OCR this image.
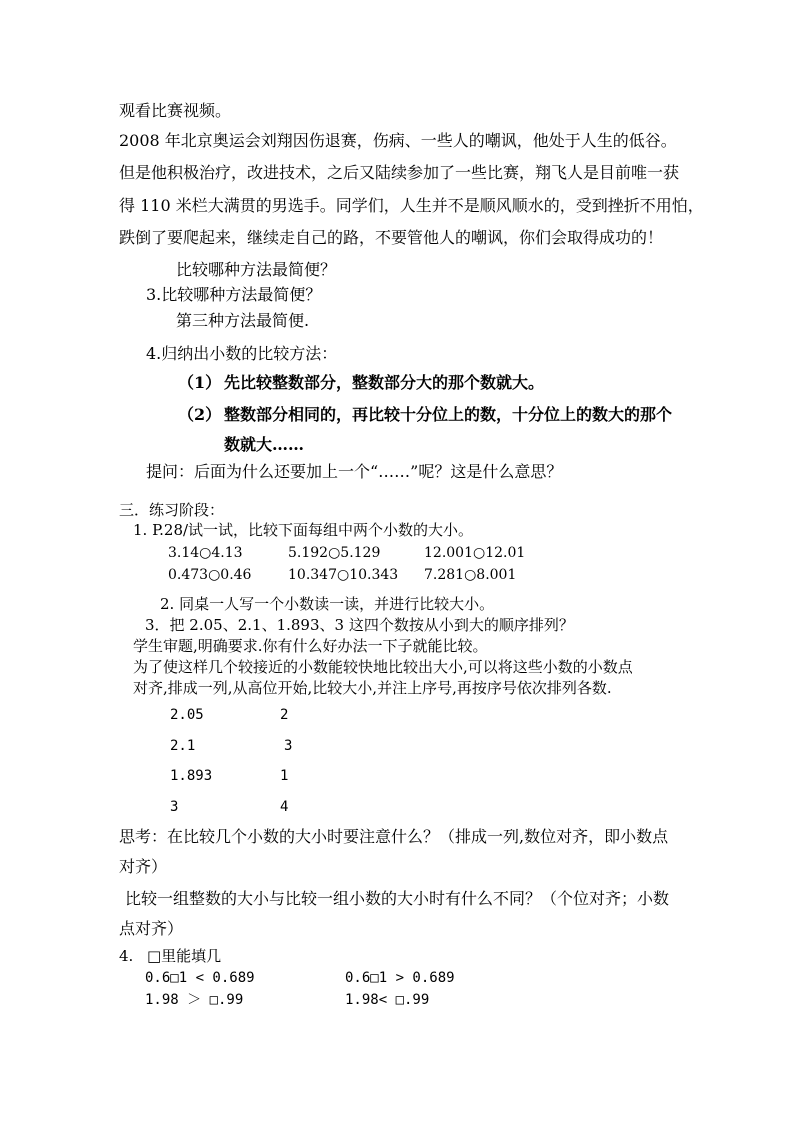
观看比赛视频。
2008 年北京奥运会刘翔因伤退赛，伤病、一些人的嘲讽，他处于人生的低谷。
但是他积极治疗，改进技术，之后又陆续参加了一些比赛，翔飞人是目前唯一获
得 110 米栏大满贯的男选手。同学们，人生并不是顺风顺水的，受到挫折不用怕，
跌倒了要爬起来，继续走自己的路，不要管他人的嘲讽，你们会取得成功的！
比较哪种方法最简便？
3.比较哪种方法最简便？
第三种方法最简便.
4.归纳出小数的比较方法：
（1） 先比较整数部分，整数部分大的那个数就大。
（2） 整数部分相同的，再比较十分位上的数，十分位上的数大的那个
数就大……
提问：后面为什么还要加上一个“……”呢？这是什么意思？
三．练习阶段：
1. P.28/试一试，比较下面每组中两个小数的大小。
3.14○4.13	5.192○5.129	12.001○12.01
0.473○0.46	10.347○10.343 7.281○8.001
2. 同桌一人写一个小数读一读，并进行比较大小。
3．把 2.05、2.1、1.893、3 这四个数按从小到大的顺序排列？
学生审题,明确要求.你有什么好办法一下子就能比较。
为了使这样几个较接近的小数能较快地比较出大小,可以将这些小数的小数点
对齐,排成一列,从高位开始,比较大小,并注上序号,再按序号依次排列各数.
2.05	2
2.1	3
1.893	1
3	4
思考：在比较几个小数的大小时要注意什么？（排成一列,数位对齐，即小数点
对齐）
比较一组整数的大小与比较一组小数的大小时有什么不同？（个位对齐；小数
点对齐）
4. □里能填几
0.6□1 < 0.689	0.6□1 > 0.689
1.98 ＞ □.99	1.98< □.99
